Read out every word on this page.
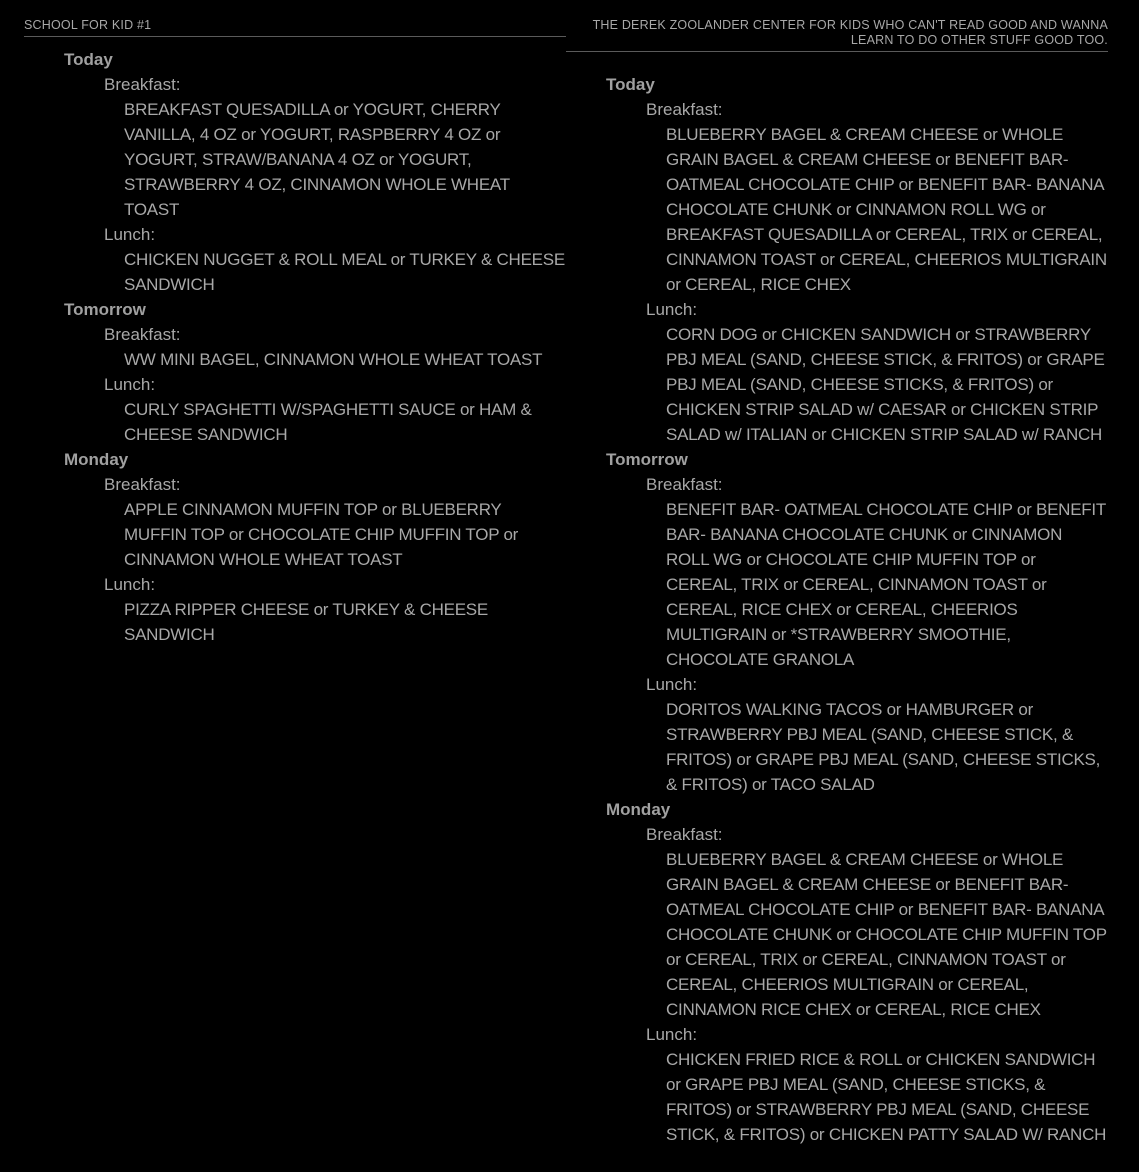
SCHOOL FOR KID #1
Today
Breakfast:
BREAKFAST QUESADILLA or YOGURT, CHERRY VANILLA, 4 OZ or YOGURT, RASPBERRY 4 OZ or YOGURT, STRAW/BANANA 4 OZ or YOGURT, STRAWBERRY 4 OZ, CINNAMON WHOLE WHEAT TOAST
Lunch:
CHICKEN NUGGET & ROLL MEAL or TURKEY & CHEESE SANDWICH
Tomorrow
Breakfast:
WW MINI BAGEL, CINNAMON WHOLE WHEAT TOAST
Lunch:
CURLY SPAGHETTI W/SPAGHETTI SAUCE or HAM & CHEESE SANDWICH
Monday
Breakfast:
APPLE CINNAMON MUFFIN TOP or BLUEBERRY MUFFIN TOP or CHOCOLATE CHIP MUFFIN TOP or CINNAMON WHOLE WHEAT TOAST
Lunch:
PIZZA RIPPER CHEESE or TURKEY & CHEESE SANDWICH
THE DEREK ZOOLANDER CENTER FOR KIDS WHO CAN'T READ GOOD AND WANNA LEARN TO DO OTHER STUFF GOOD TOO.
Today
Breakfast:
BLUEBERRY BAGEL & CREAM CHEESE or WHOLE GRAIN BAGEL & CREAM CHEESE or BENEFIT BAR- OATMEAL CHOCOLATE CHIP or BENEFIT BAR- BANANA CHOCOLATE CHUNK or CINNAMON ROLL WG or BREAKFAST QUESADILLA or CEREAL, TRIX or CEREAL, CINNAMON TOAST or CEREAL, CHEERIOS MULTIGRAIN or CEREAL, RICE CHEX
Lunch:
CORN DOG or CHICKEN SANDWICH or STRAWBERRY PBJ MEAL (SAND, CHEESE STICK, & FRITOS) or GRAPE PBJ MEAL (SAND, CHEESE STICKS, & FRITOS) or CHICKEN STRIP SALAD w/ CAESAR or CHICKEN STRIP SALAD w/ ITALIAN or CHICKEN STRIP SALAD w/ RANCH
Tomorrow
Breakfast:
BENEFIT BAR- OATMEAL CHOCOLATE CHIP or BENEFIT BAR- BANANA CHOCOLATE CHUNK or CINNAMON ROLL WG or CHOCOLATE CHIP MUFFIN TOP or CEREAL, TRIX or CEREAL, CINNAMON TOAST or CEREAL, RICE CHEX or CEREAL, CHEERIOS MULTIGRAIN or *STRAWBERRY SMOOTHIE, CHOCOLATE GRANOLA
Lunch:
DORITOS WALKING TACOS or HAMBURGER or STRAWBERRY PBJ MEAL (SAND, CHEESE STICK, & FRITOS) or GRAPE PBJ MEAL (SAND, CHEESE STICKS, & FRITOS) or TACO SALAD
Monday
Breakfast:
BLUEBERRY BAGEL & CREAM CHEESE or WHOLE GRAIN BAGEL & CREAM CHEESE or BENEFIT BAR- OATMEAL CHOCOLATE CHIP or BENEFIT BAR- BANANA CHOCOLATE CHUNK or CHOCOLATE CHIP MUFFIN TOP or CEREAL, TRIX or CEREAL, CINNAMON TOAST or CEREAL, CHEERIOS MULTIGRAIN or CEREAL, CINNAMON RICE CHEX or CEREAL, RICE CHEX
Lunch:
CHICKEN FRIED RICE & ROLL or CHICKEN SANDWICH or GRAPE PBJ MEAL (SAND, CHEESE STICKS, & FRITOS) or STRAWBERRY PBJ MEAL (SAND, CHEESE STICK, & FRITOS) or CHICKEN PATTY SALAD W/ RANCH
